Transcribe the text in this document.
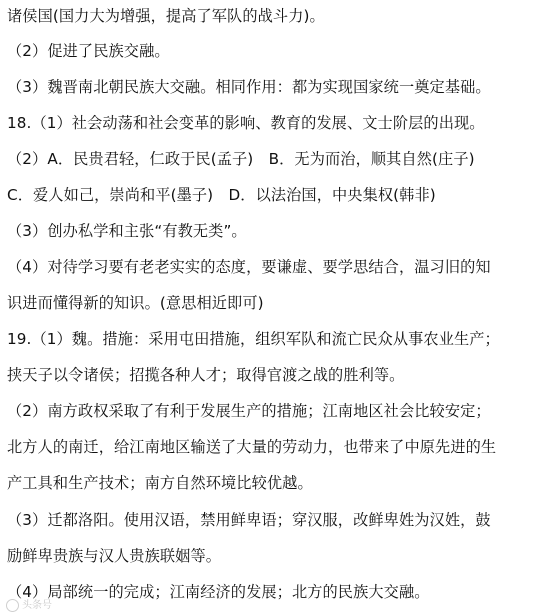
诸侯国(国力大为增强，提高了军队的战斗力)。
（2）促进了民族交融。
（3）魏晋南北朝民族大交融。相同作用：都为实现国家统一奠定基础。
18.（1）社会动荡和社会变革的影响、教育的发展、文士阶层的出现。
（2）A．民贵君轻，仁政于民(孟子)　B．无为而治，顺其自然(庄子)
C．爱人如己，崇尚和平(墨子)　D．以法治国，中央集权(韩非)
（3）创办私学和主张“有教无类”。
（4）对待学习要有老老实实的态度，要谦虚、要学思结合，温习旧的知
识进而懂得新的知识。(意思相近即可)
19.（1）魏。措施：采用屯田措施，组织军队和流亡民众从事农业生产；
挟天子以令诸侯；招揽各种人才；取得官渡之战的胜利等。
（2）南方政权采取了有利于发展生产的措施；江南地区社会比较安定；
北方人的南迁，给江南地区输送了大量的劳动力，也带来了中原先进的生
产工具和生产技术；南方自然环境比较优越。
（3）迁都洛阳。使用汉语，禁用鲜卑语；穿汉服，改鲜卑姓为汉姓，鼓
励鲜卑贵族与汉人贵族联姻等。
（4）局部统一的完成；江南经济的发展；北方的民族大交融。
头条号
